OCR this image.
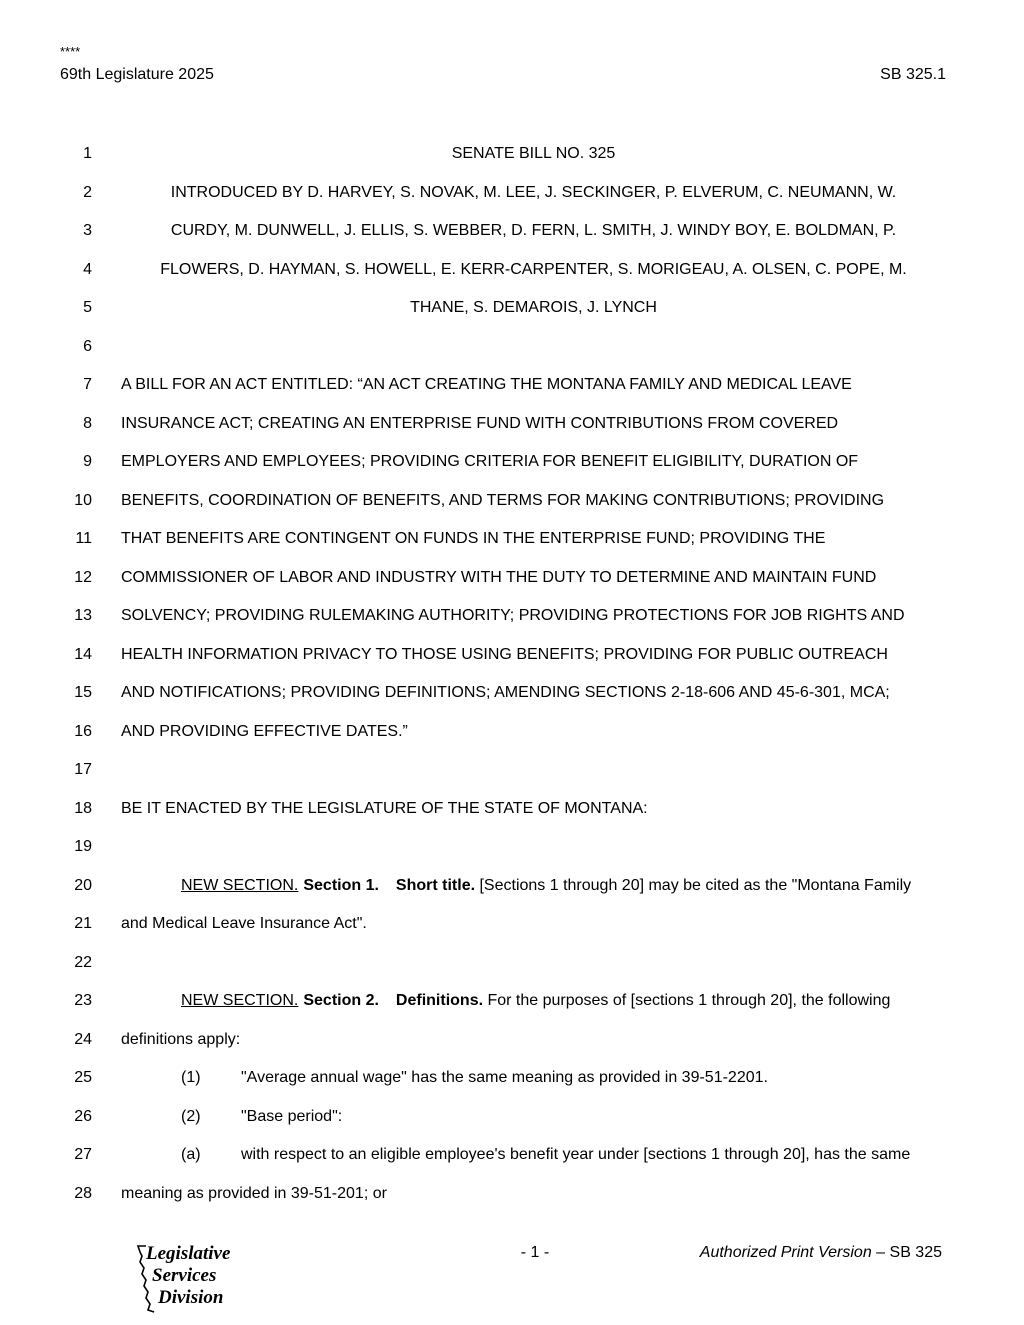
****
69th Legislature 2025	SB 325.1
1	SENATE BILL NO. 325
2	INTRODUCED BY D. HARVEY, S. NOVAK, M. LEE, J. SECKINGER, P. ELVERUM, C. NEUMANN, W.
3	CURDY, M. DUNWELL, J. ELLIS, S. WEBBER, D. FERN, L. SMITH, J. WINDY BOY, E. BOLDMAN, P.
4	FLOWERS, D. HAYMAN, S. HOWELL, E. KERR-CARPENTER, S. MORIGEAU, A. OLSEN, C. POPE, M.
5	THANE, S. DEMAROIS, J. LYNCH
6
7 A BILL FOR AN ACT ENTITLED: “AN ACT CREATING THE MONTANA FAMILY AND MEDICAL LEAVE
8 INSURANCE ACT; CREATING AN ENTERPRISE FUND WITH CONTRIBUTIONS FROM COVERED
9 EMPLOYERS AND EMPLOYEES; PROVIDING CRITERIA FOR BENEFIT ELIGIBILITY, DURATION OF
10 BENEFITS, COORDINATION OF BENEFITS, AND TERMS FOR MAKING CONTRIBUTIONS; PROVIDING
11 THAT BENEFITS ARE CONTINGENT ON FUNDS IN THE ENTERPRISE FUND; PROVIDING THE
12 COMMISSIONER OF LABOR AND INDUSTRY WITH THE DUTY TO DETERMINE AND MAINTAIN FUND
13 SOLVENCY; PROVIDING RULEMAKING AUTHORITY; PROVIDING PROTECTIONS FOR JOB RIGHTS AND
14 HEALTH INFORMATION PRIVACY TO THOSE USING BENEFITS; PROVIDING FOR PUBLIC OUTREACH
15 AND NOTIFICATIONS; PROVIDING DEFINITIONS; AMENDING SECTIONS 2-18-606 AND 45-6-301, MCA;
16 AND PROVIDING EFFECTIVE DATES.”
17
18 BE IT ENACTED BY THE LEGISLATURE OF THE STATE OF MONTANA:
19
20	NEW SECTION. Section 1. Short title. [Sections 1 through 20] may be cited as the "Montana Family
21 and Medical Leave Insurance Act".
22
23	NEW SECTION. Section 2. Definitions. For the purposes of [sections 1 through 20], the following
24 definitions apply:
25	(1)	"Average annual wage" has the same meaning as provided in 39-51-2201.
26	(2)	"Base period":
27	(a)	with respect to an eligible employee's benefit year under [sections 1 through 20], has the same
28 meaning as provided in 39-51-201; or
- 1 -	Authorized Print Version – SB 325
Legislative
Services
Division
